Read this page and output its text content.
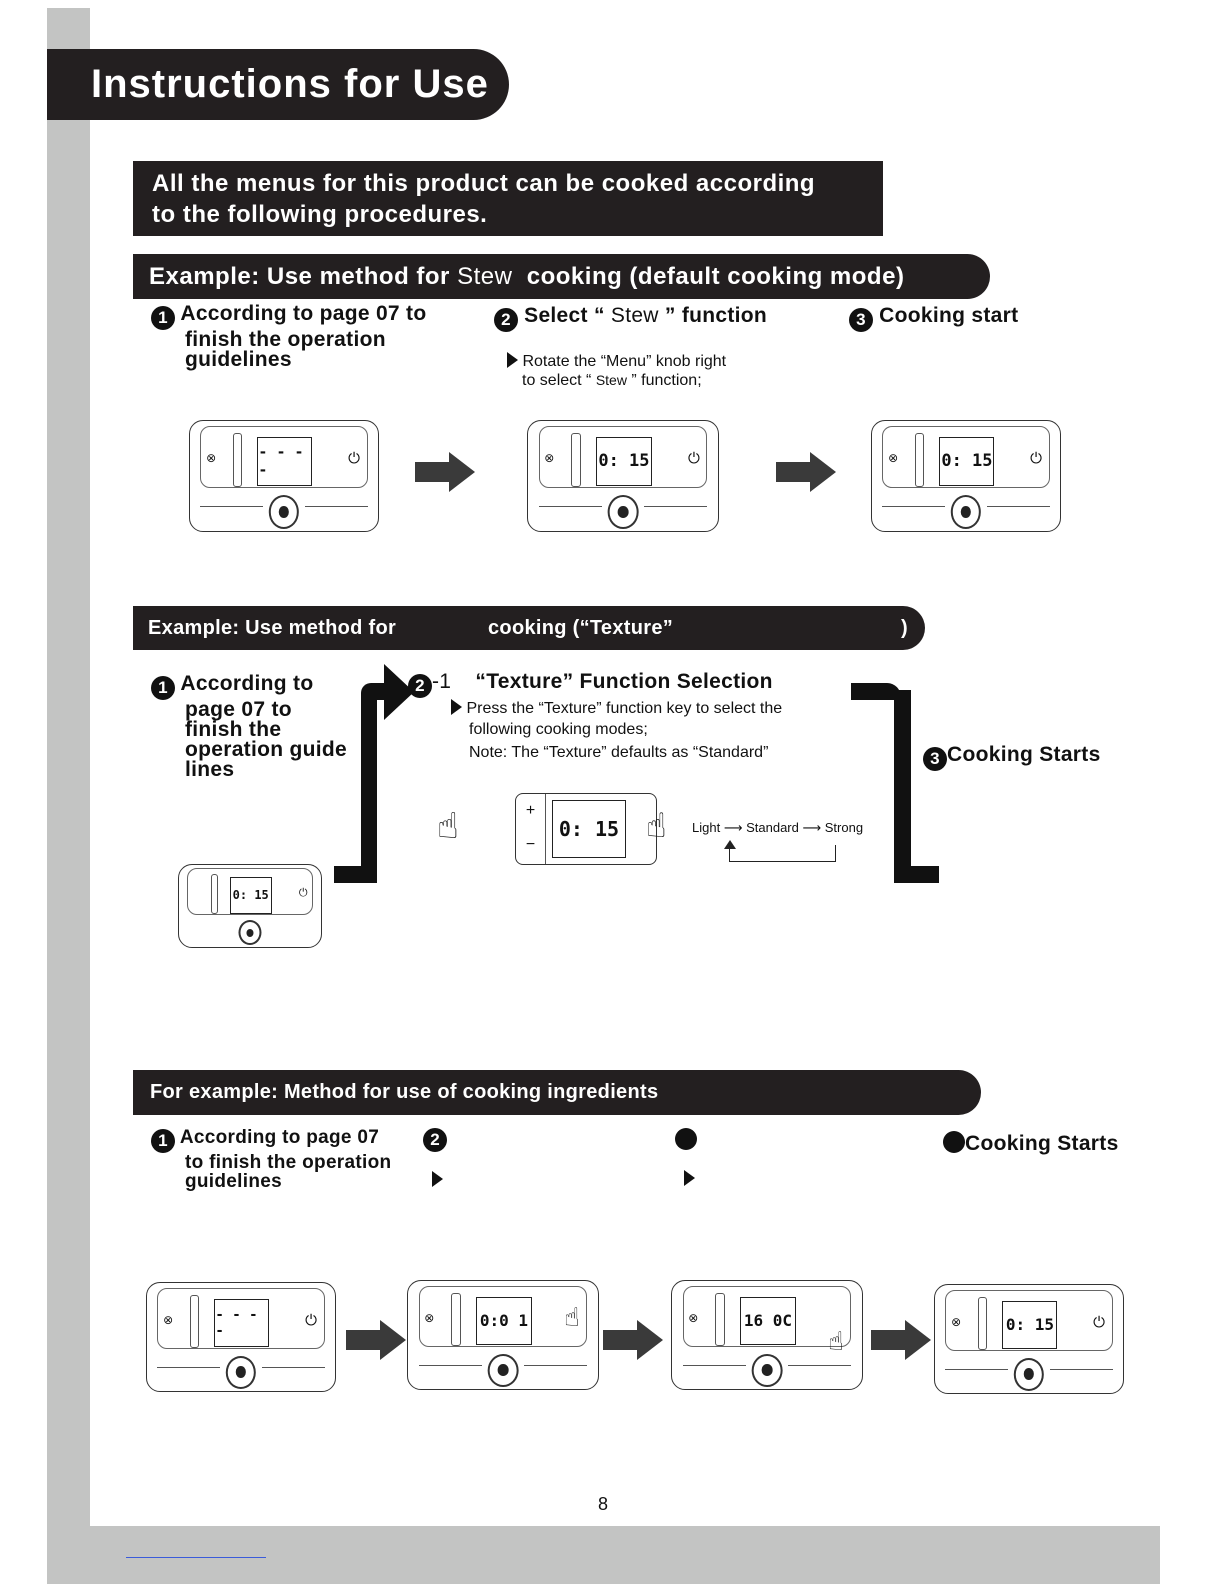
Instructions for Use
All the menus for this product can be cooked according
to the following procedures.
Example: Use method for Stew cooking (default cooking mode)
1 According to page 07 to
finish the operation
guidelines
2 Select “ Stew ” function
Rotate the “Menu” knob right
to select “ Stew ” function;
3 Cooking start
⊗	- - - -
⏻	⊗	0: 15	⏻	⊗	0: 15	⏻
Example: Use method for	cooking (“Texture”	)
1 According to
page 07 to
finish the
operation guide
lines
2 -1 “Texture” Function Selection
Press the “Texture” function key to select the
following cooking modes;
Note: The “Texture” defaults as “Standard”	3 Cooking Starts
0: 15	⏻
☝	+
−
0: 15 ☝ Light ⟶ Standard ⟶ Strong
For example: Method for use of cooking ingredients
1 According to page 07
to finish the operation
guidelines
2	Cooking Starts
⊗	- - - -
⏻	⊗	0:0 1 ☝	⊗	16 0C
☝
⊗	0: 15	⏻
8
